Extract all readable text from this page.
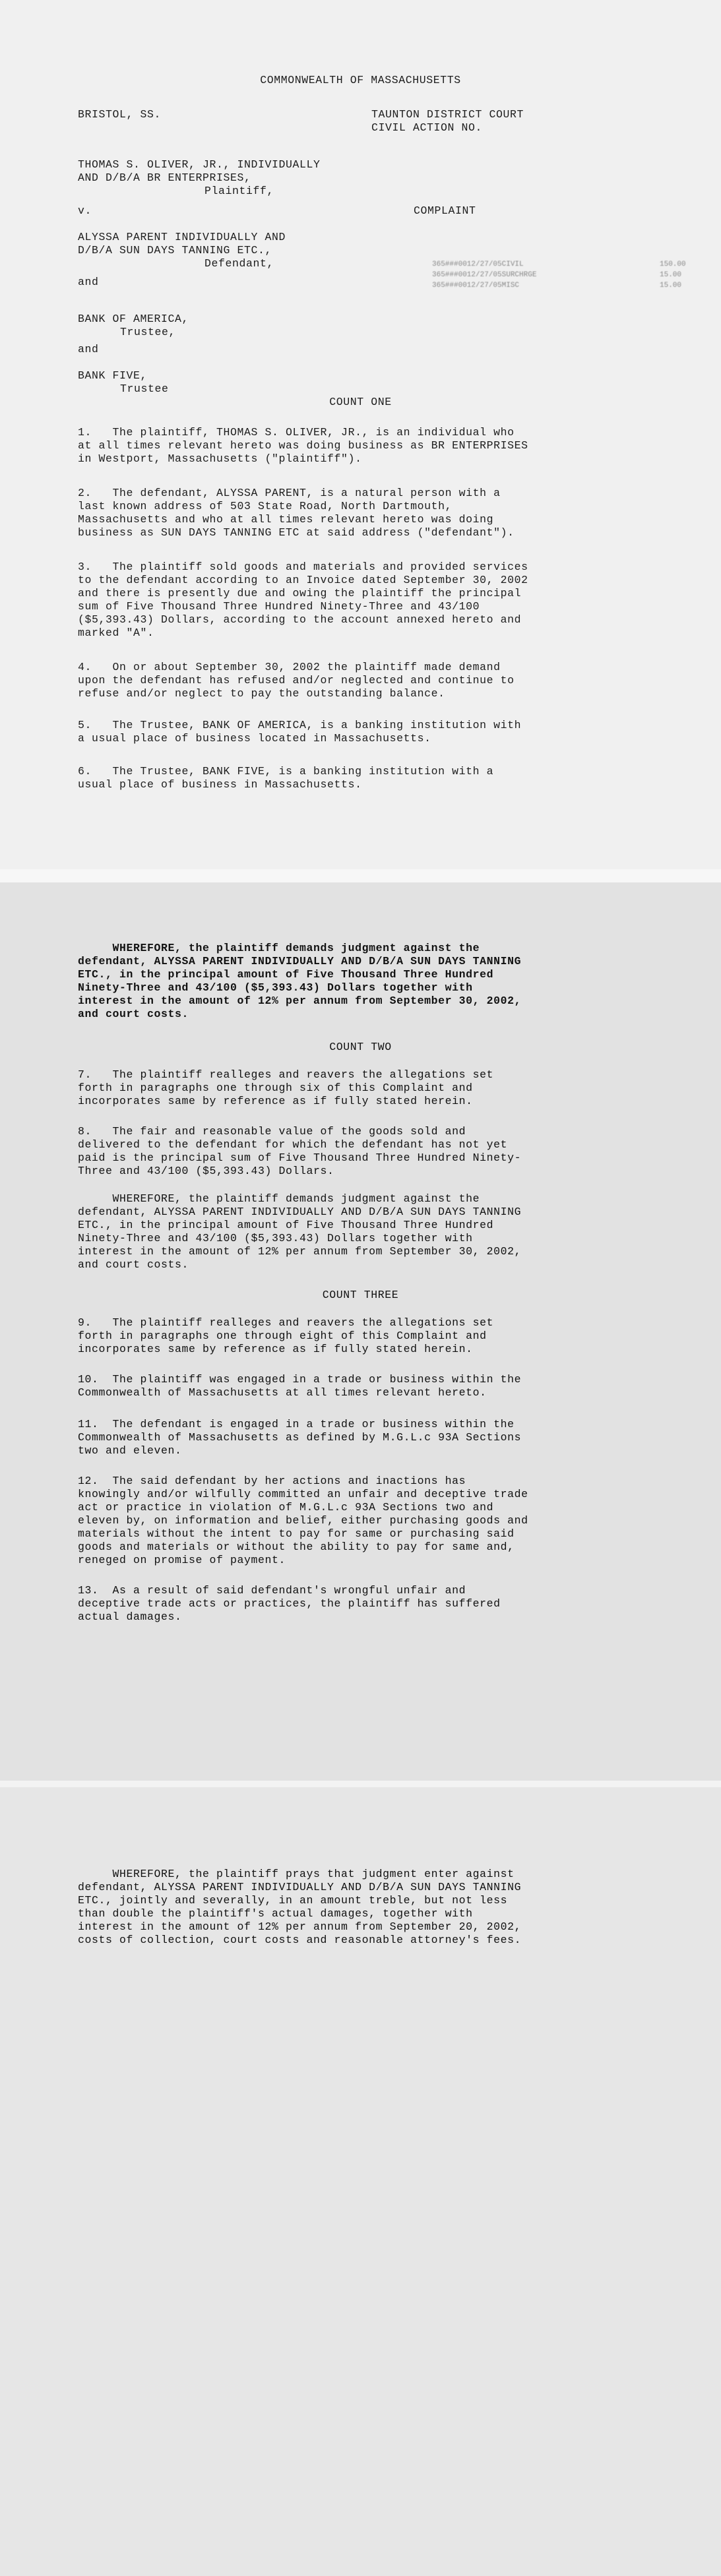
COMMONWEALTH OF MASSACHUSETTS
BRISTOL, SS.	TAUNTON DISTRICT COURT
CIVIL ACTION NO.
THOMAS S. OLIVER, JR., INDIVIDUALLY
AND D/B/A BR ENTERPRISES,
Plaintiff,
v.	COMPLAINT
ALYSSA PARENT INDIVIDUALLY AND
D/B/A SUN DAYS TANNING ETC.,
Defendant,
and
365###0012/27/05CIVIL
365###0012/27/05SURCHRGE
365###0012/27/05MISC
150.00
15.00
15.00
BANK OF AMERICA,
Trustee,
and
BANK FIVE,
Trustee
COUNT ONE
1.   The plaintiff, THOMAS S. OLIVER, JR., is an individual who
at all times relevant hereto was doing business as BR ENTERPRISES
in Westport, Massachusetts ("plaintiff").
2.   The defendant, ALYSSA PARENT, is a natural person with a
last known address of 503 State Road, North Dartmouth,
Massachusetts and who at all times relevant hereto was doing
business as SUN DAYS TANNING ETC at said address ("defendant").
3.   The plaintiff sold goods and materials and provided services
to the defendant according to an Invoice dated September 30, 2002
and there is presently due and owing the plaintiff the principal
sum of Five Thousand Three Hundred Ninety-Three and 43/100
($5,393.43) Dollars, according to the account annexed hereto and
marked "A".
4.   On or about September 30, 2002 the plaintiff made demand
upon the defendant has refused and/or neglected and continue to
refuse and/or neglect to pay the outstanding balance.
5.   The Trustee, BANK OF AMERICA, is a banking institution with
a usual place of business located in Massachusetts.
6.   The Trustee, BANK FIVE, is a banking institution with a
usual place of business in Massachusetts.
WHEREFORE, the plaintiff demands judgment against the
defendant, ALYSSA PARENT INDIVIDUALLY AND D/B/A SUN DAYS TANNING
ETC., in the principal amount of Five Thousand Three Hundred
Ninety-Three and 43/100 ($5,393.43) Dollars together with
interest in the amount of 12% per annum from September 30, 2002,
and court costs.
COUNT TWO
7.   The plaintiff realleges and reavers the allegations set
forth in paragraphs one through six of this Complaint and
incorporates same by reference as if fully stated herein.
8.   The fair and reasonable value of the goods sold and
delivered to the defendant for which the defendant has not yet
paid is the principal sum of Five Thousand Three Hundred Ninety-
Three and 43/100 ($5,393.43) Dollars.
WHEREFORE, the plaintiff demands judgment against the
defendant, ALYSSA PARENT INDIVIDUALLY AND D/B/A SUN DAYS TANNING
ETC., in the principal amount of Five Thousand Three Hundred
Ninety-Three and 43/100 ($5,393.43) Dollars together with
interest in the amount of 12% per annum from September 30, 2002,
and court costs.
COUNT THREE
9.   The plaintiff realleges and reavers the allegations set
forth in paragraphs one through eight of this Complaint and
incorporates same by reference as if fully stated herein.
10.  The plaintiff was engaged in a trade or business within the
Commonwealth of Massachusetts at all times relevant hereto.
11.  The defendant is engaged in a trade or business within the
Commonwealth of Massachusetts as defined by M.G.L.c 93A Sections
two and eleven.
12.  The said defendant by her actions and inactions has
knowingly and/or wilfully committed an unfair and deceptive trade
act or practice in violation of M.G.L.c 93A Sections two and
eleven by, on information and belief, either purchasing goods and
materials without the intent to pay for same or purchasing said
goods and materials or without the ability to pay for same and,
reneged on promise of payment.
13.  As a result of said defendant's wrongful unfair and
deceptive trade acts or practices, the plaintiff has suffered
actual damages.
WHEREFORE, the plaintiff prays that judgment enter against
defendant, ALYSSA PARENT INDIVIDUALLY AND D/B/A SUN DAYS TANNING
ETC., jointly and severally, in an amount treble, but not less
than double the plaintiff's actual damages, together with
interest in the amount of 12% per annum from September 20, 2002,
costs of collection, court costs and reasonable attorney's fees.
